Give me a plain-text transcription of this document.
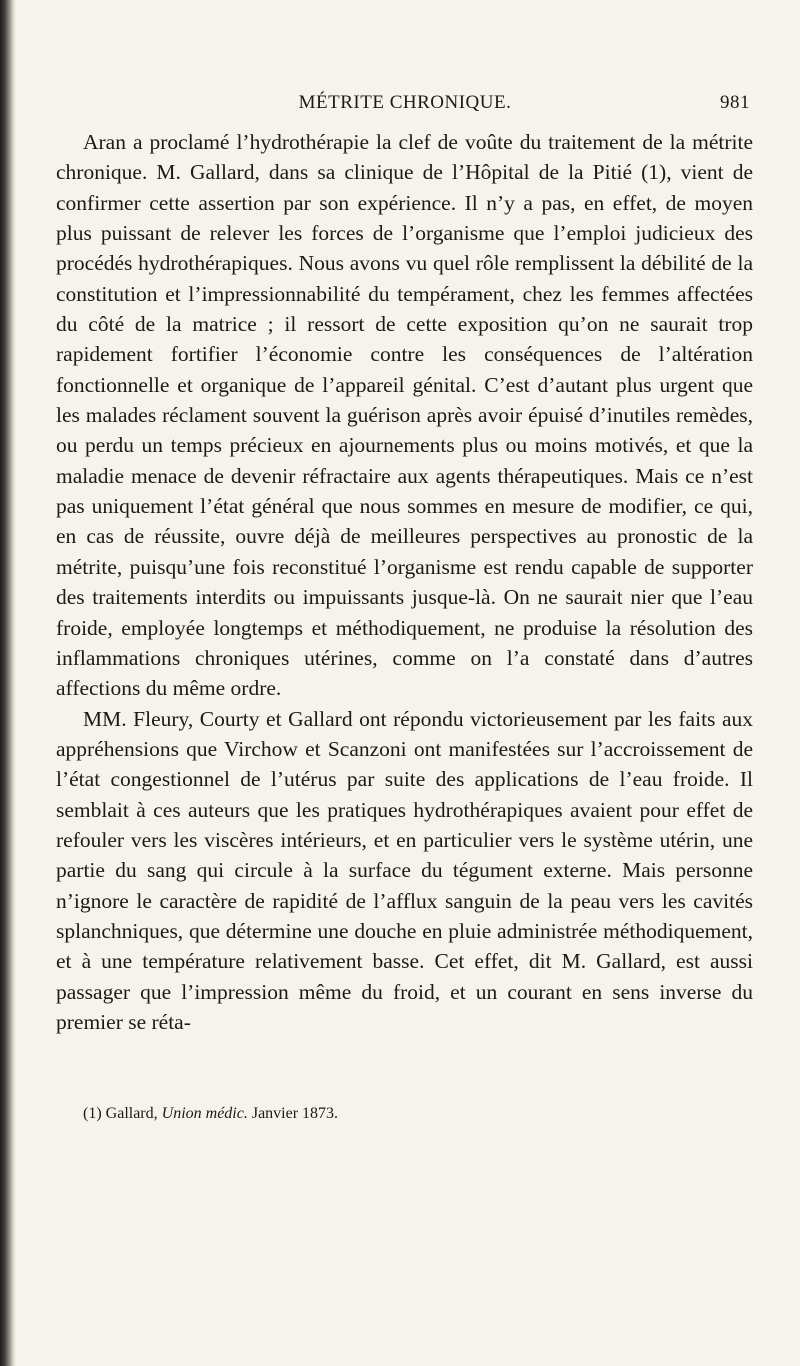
MÉTRITE CHRONIQUE.	981

Aran a proclamé l’hydrothérapie la clef de voûte du traitement de la métrite chronique. M. Gallard, dans sa clinique de l’Hôpital de la Pitié (1), vient de confirmer cette assertion par son expérience. Il n’y a pas, en effet, de moyen plus puissant de relever les forces de l’organisme que l’emploi judicieux des procédés hydrothérapiques. Nous avons vu quel rôle remplissent la débilité de la constitution et l’impressionnabilité du tempérament, chez les femmes affectées du côté de la matrice ; il ressort de cette exposition qu’on ne saurait trop rapidement fortifier l’économie contre les conséquences de l’altération fonctionnelle et organique de l’appareil génital. C’est d’autant plus urgent que les malades réclament souvent la guérison après avoir épuisé d’inutiles remèdes, ou perdu un temps précieux en ajournements plus ou moins motivés, et que la maladie menace de devenir réfractaire aux agents thérapeutiques. Mais ce n’est pas uniquement l’état général que nous sommes en mesure de modifier, ce qui, en cas de réussite, ouvre déjà de meilleures perspectives au pronostic de la métrite, puisqu’une fois reconstitué l’organisme est rendu capable de supporter des traitements interdits ou impuissants jusque-là. On ne saurait nier que l’eau froide, employée longtemps et méthodiquement, ne produise la résolution des inflammations chroniques utérines, comme on l’a constaté dans d’autres affections du même ordre.

MM. Fleury, Courty et Gallard ont répondu victorieusement par les faits aux appréhensions que Virchow et Scanzoni ont manifestées sur l’accroissement de l’état congestionnel de l’utérus par suite des applications de l’eau froide. Il semblait à ces auteurs que les pratiques hydrothérapiques avaient pour effet de refouler vers les viscères intérieurs, et en particulier vers le système utérin, une partie du sang qui circule à la surface du tégument externe. Mais personne n’ignore le caractère de rapidité de l’afflux sanguin de la peau vers les cavités splanchniques, que détermine une douche en pluie administrée méthodiquement, et à une température relativement basse. Cet effet, dit M. Gallard, est aussi passager que l’impression même du froid, et un courant en sens inverse du premier se réta-

(1) Gallard, Union médic. Janvier 1873.
